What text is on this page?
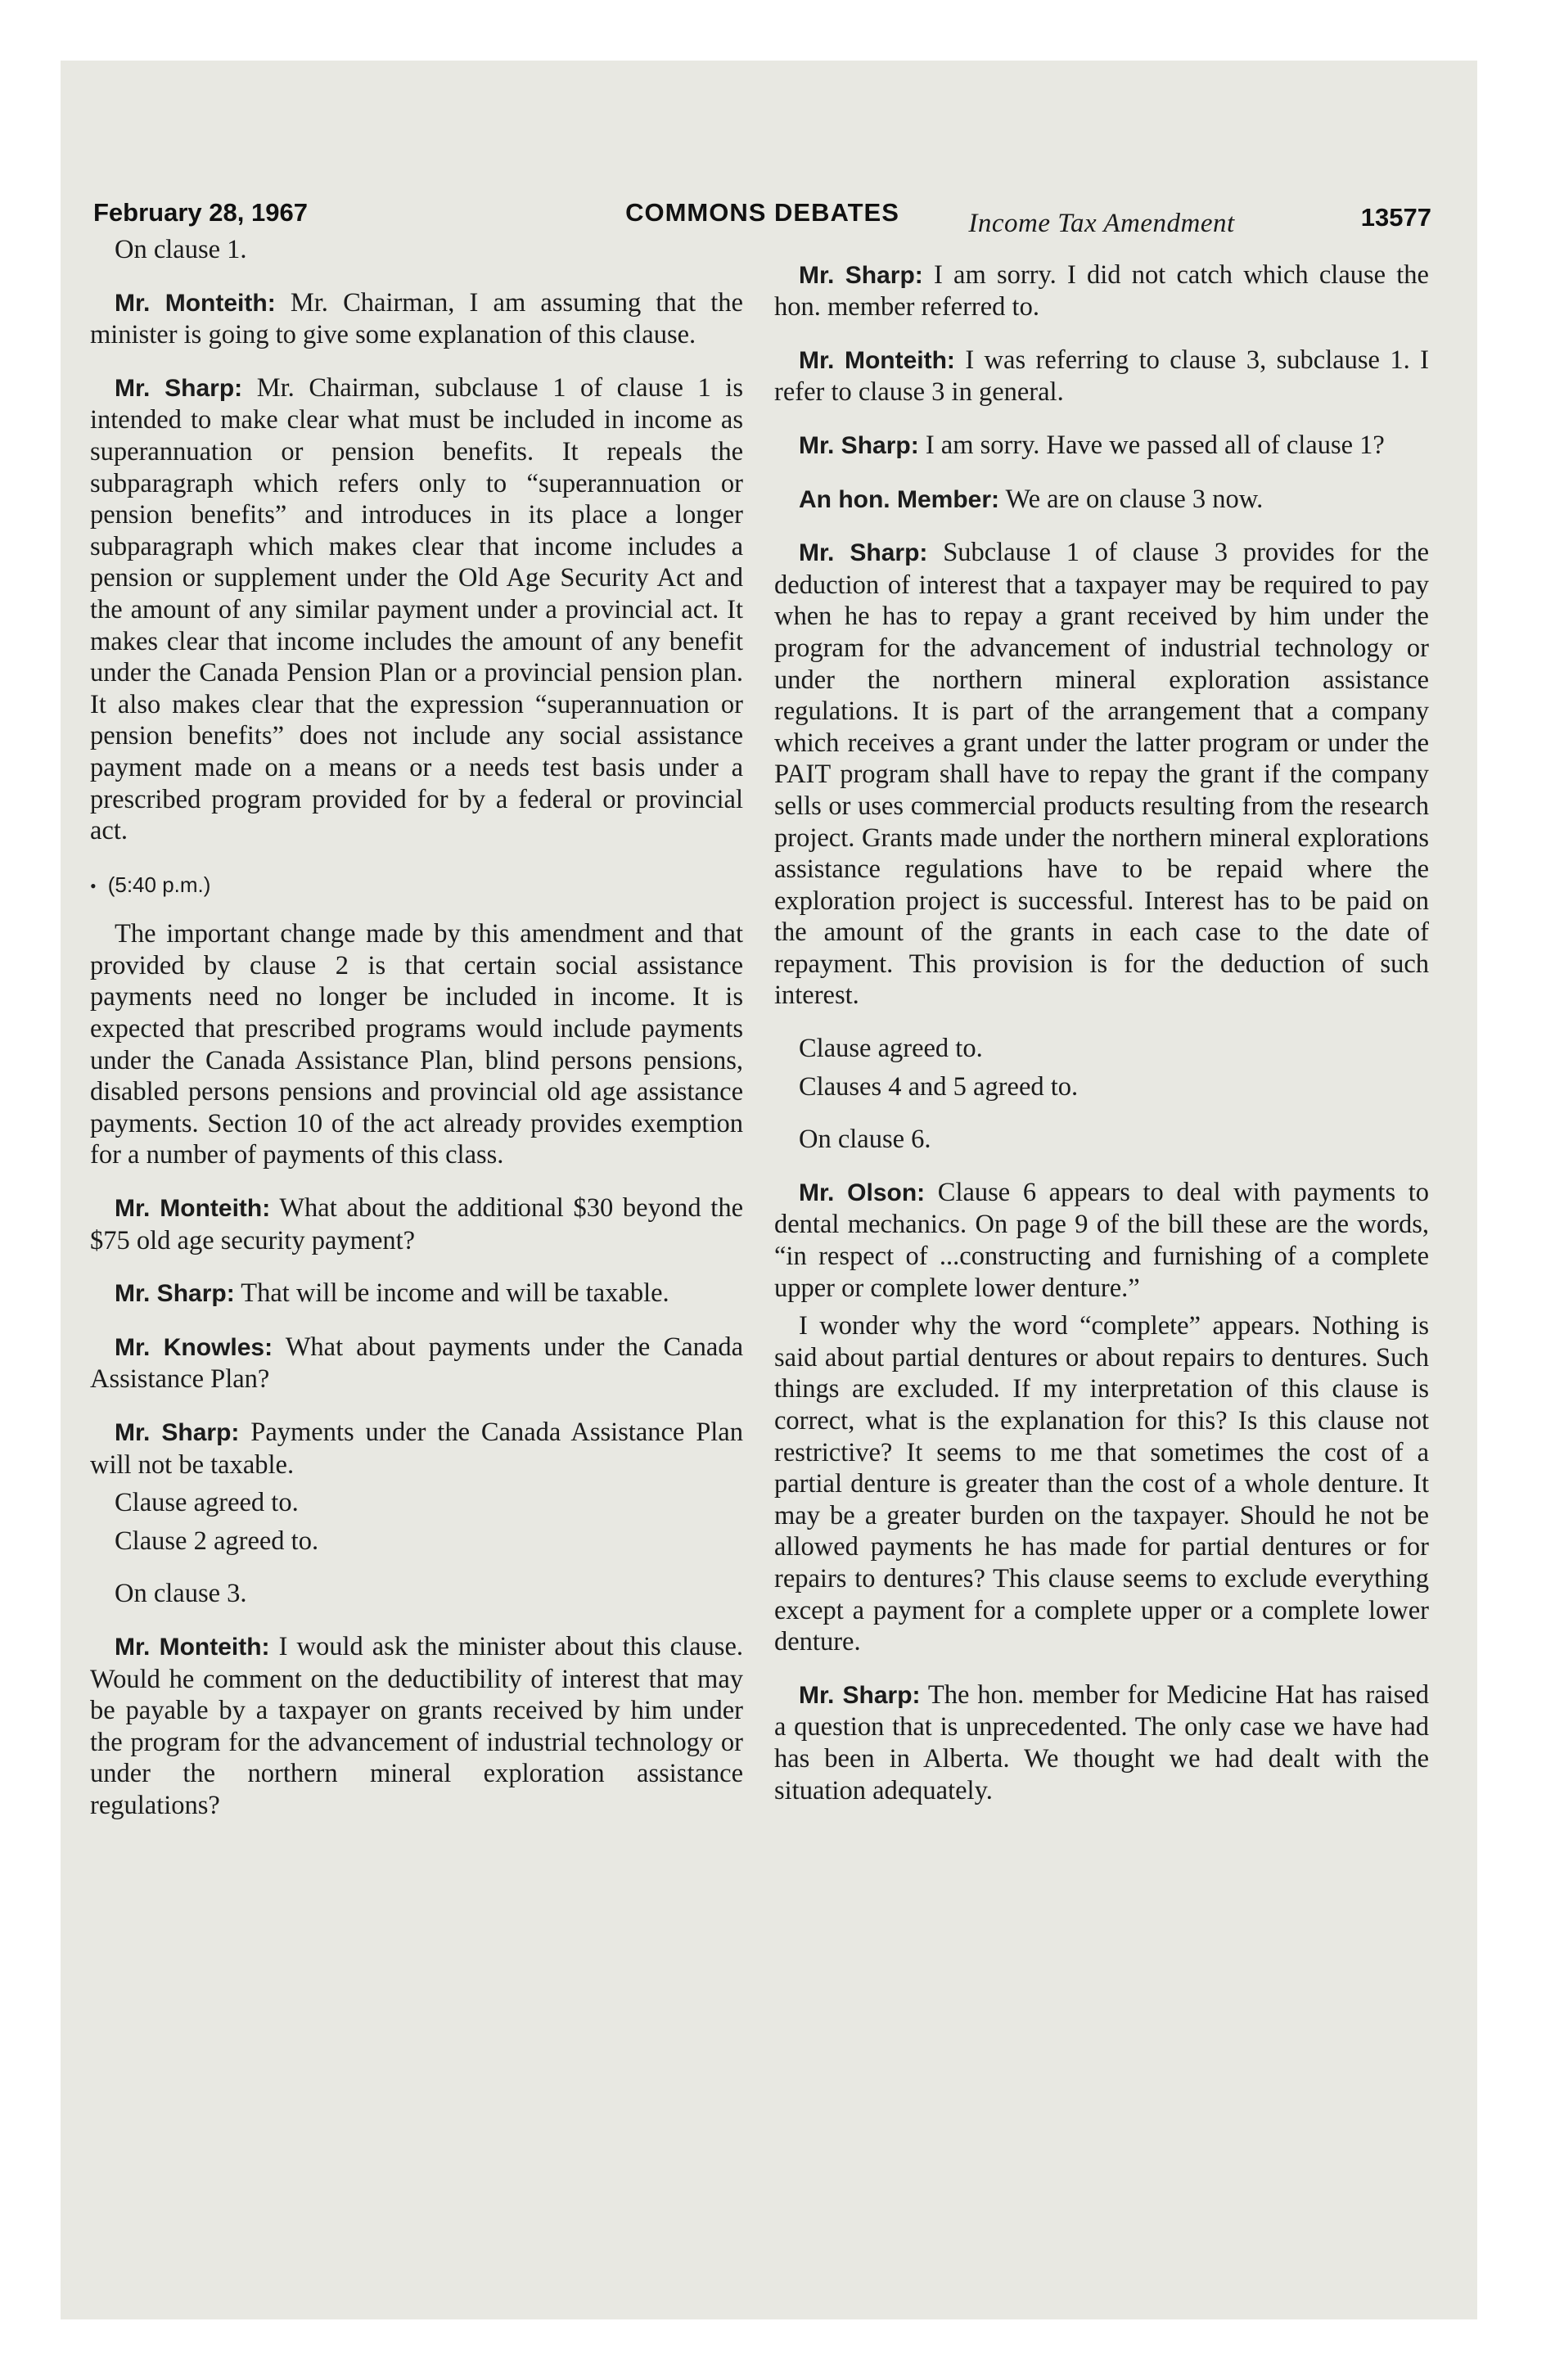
February 28, 1967	COMMONS DEBATES	13577

On clause 1.

Mr. Monteith: Mr. Chairman, I am assuming that the minister is going to give some explanation of this clause.

Mr. Sharp: Mr. Chairman, subclause 1 of clause 1 is intended to make clear what must be included in income as superannuation or pension benefits. It repeals the subparagraph which refers only to “superannuation or pension benefits” and introduces in its place a longer subparagraph which makes clear that income includes a pension or supplement under the Old Age Security Act and the amount of any similar payment under a provincial act. It makes clear that income includes the amount of any benefit under the Canada Pension Plan or a provincial pension plan. It also makes clear that the expression “superannuation or pension benefits” does not include any social assistance payment made on a means or a needs test basis under a prescribed program provided for by a federal or provincial act.

• (5:40 p.m.)

The important change made by this amendment and that provided by clause 2 is that certain social assistance payments need no longer be included in income. It is expected that prescribed programs would include payments under the Canada Assistance Plan, blind persons pensions, disabled persons pensions and provincial old age assistance payments. Section 10 of the act already provides exemption for a number of payments of this class.

Mr. Monteith: What about the additional $30 beyond the $75 old age security payment?

Mr. Sharp: That will be income and will be taxable.

Mr. Knowles: What about payments under the Canada Assistance Plan?

Mr. Sharp: Payments under the Canada Assistance Plan will not be taxable.

Clause agreed to.

Clause 2 agreed to.

On clause 3.

Mr. Monteith: I would ask the minister about this clause. Would he comment on the deductibility of interest that may be payable by a taxpayer on grants received by him under the program for the advancement of industrial technology or under the northern mineral exploration assistance regulations?

Income Tax Amendment

Mr. Sharp: I am sorry. I did not catch which clause the hon. member referred to.

Mr. Monteith: I was referring to clause 3, subclause 1. I refer to clause 3 in general.

Mr. Sharp: I am sorry. Have we passed all of clause 1?

An hon. Member: We are on clause 3 now.

Mr. Sharp: Subclause 1 of clause 3 provides for the deduction of interest that a taxpayer may be required to pay when he has to repay a grant received by him under the program for the advancement of industrial technology or under the northern mineral exploration assistance regulations. It is part of the arrangement that a company which receives a grant under the latter program or under the PAIT program shall have to repay the grant if the company sells or uses commercial products resulting from the research project. Grants made under the northern mineral explorations assistance regulations have to be repaid where the exploration project is successful. Interest has to be paid on the amount of the grants in each case to the date of repayment. This provision is for the deduction of such interest.

Clause agreed to.

Clauses 4 and 5 agreed to.

On clause 6.

Mr. Olson: Clause 6 appears to deal with payments to dental mechanics. On page 9 of the bill these are the words, “in respect of ...constructing and furnishing of a complete upper or complete lower denture.”

I wonder why the word “complete” appears. Nothing is said about partial dentures or about repairs to dentures. Such things are excluded. If my interpretation of this clause is correct, what is the explanation for this? Is this clause not restrictive? It seems to me that sometimes the cost of a partial denture is greater than the cost of a whole denture. It may be a greater burden on the taxpayer. Should he not be allowed payments he has made for partial dentures or for repairs to dentures? This clause seems to exclude everything except a payment for a complete upper or a complete lower denture.

Mr. Sharp: The hon. member for Medicine Hat has raised a question that is unprecedented. The only case we have had has been in Alberta. We thought we had dealt with the situation adequately.
